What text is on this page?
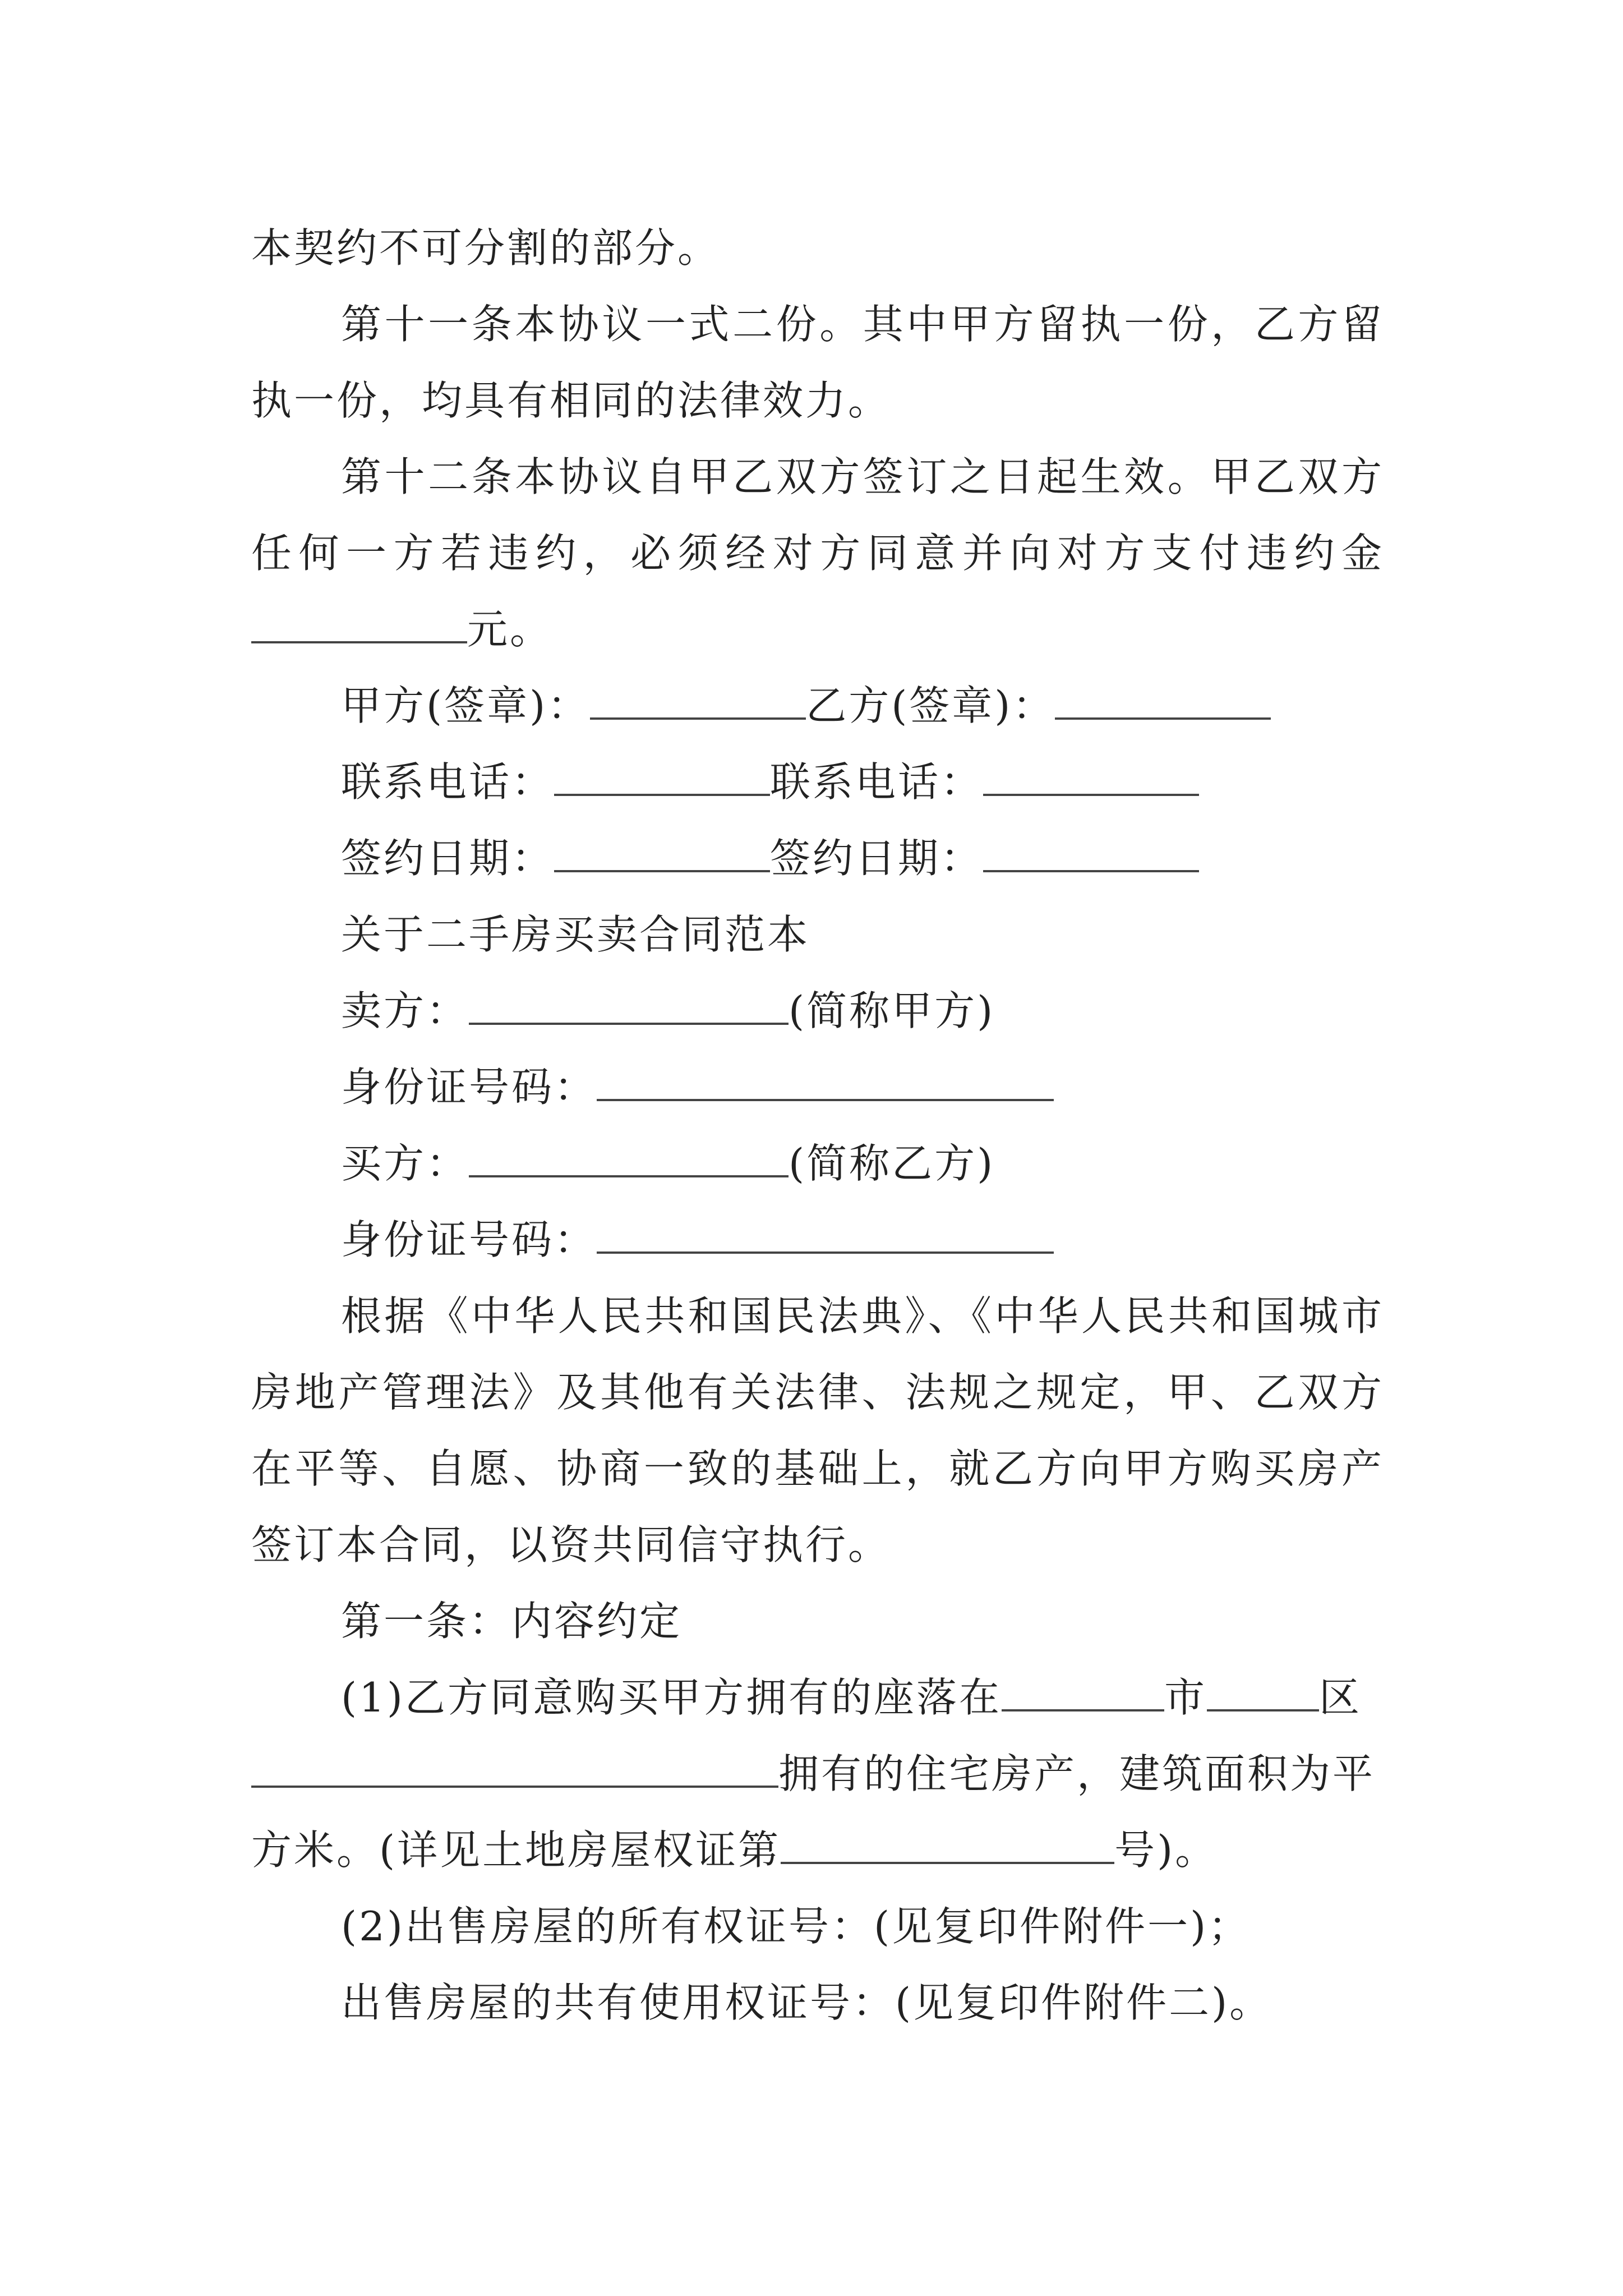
本契约不可分割的部分。
第十一条本协议一式二份。其中甲方留执一份，乙方留
执一份，均具有相同的法律效力。
第十二条本协议自甲乙双方签订之日起生效。甲乙双方
任何一方若违约，必须经对方同意并向对方支付违约金
元。
甲方(签章)：	乙方(签章)：
联系电话：	联系电话：
签约日期：	签约日期：
关于二手房买卖合同范本
卖方：	(简称甲方)
身份证号码：
买方：	(简称乙方)
身份证号码：
根据《中华人民共和国民法典》、《中华人民共和国城市
房地产管理法》及其他有关法律、法规之规定，甲、乙双方
在平等、自愿、协商一致的基础上，就乙方向甲方购买房产
签订本合同，以资共同信守执行。
第一条：内容约定
(1)乙方同意购买甲方拥有的座落在	市	区
拥有的住宅房产，建筑面积为平
方米。(详见土地房屋权证第	号)。
(2)出售房屋的所有权证号：(见复印件附件一)；
出售房屋的共有使用权证号：(见复印件附件二)。
